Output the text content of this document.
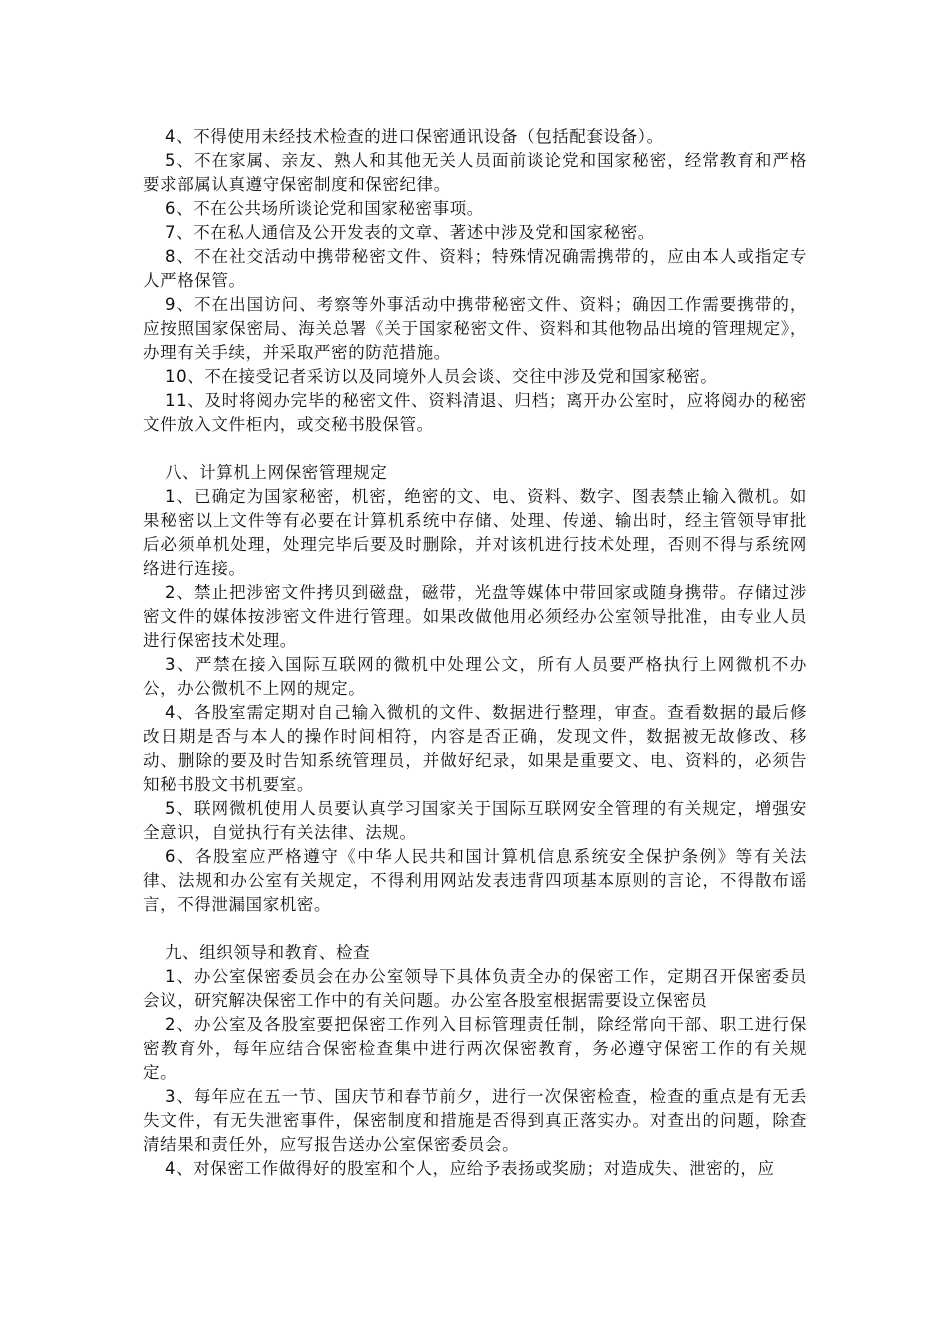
4、不得使用未经技术检查的进口保密通讯设备（包括配套设备）。

5、不在家属、亲友、熟人和其他无关人员面前谈论党和国家秘密，经常教育和严格要求部属认真遵守保密制度和保密纪律。

6、不在公共场所谈论党和国家秘密事项。

7、不在私人通信及公开发表的文章、著述中涉及党和国家秘密。

8、不在社交活动中携带秘密文件、资料；特殊情况确需携带的，应由本人或指定专人严格保管。

9、不在出国访问、考察等外事活动中携带秘密文件、资料；确因工作需要携带的，应按照国家保密局、海关总署《关于国家秘密文件、资料和其他物品出境的管理规定》，办理有关手续，并采取严密的防范措施。

10、不在接受记者采访以及同境外人员会谈、交往中涉及党和国家秘密。

11、及时将阅办完毕的秘密文件、资料清退、归档；离开办公室时，应将阅办的秘密文件放入文件柜内，或交秘书股保管。

八、计算机上网保密管理规定

1、已确定为国家秘密，机密，绝密的文、电、资料、数字、图表禁止输入微机。如果秘密以上文件等有必要在计算机系统中存储、处理、传递、输出时，经主管领导审批后必须单机处理，处理完毕后要及时删除，并对该机进行技术处理，否则不得与系统网络进行连接。

2、禁止把涉密文件拷贝到磁盘，磁带，光盘等媒体中带回家或随身携带。存储过涉密文件的媒体按涉密文件进行管理。如果改做他用必须经办公室领导批准，由专业人员进行保密技术处理。

3、严禁在接入国际互联网的微机中处理公文，所有人员要严格执行上网微机不办公，办公微机不上网的规定。

4、各股室需定期对自己输入微机的文件、数据进行整理，审查。查看数据的最后修改日期是否与本人的操作时间相符，内容是否正确，发现文件，数据被无故修改、移动、删除的要及时告知系统管理员，并做好纪录，如果是重要文、电、资料的，必须告知秘书股文书机要室。

5、联网微机使用人员要认真学习国家关于国际互联网安全管理的有关规定，增强安全意识，自觉执行有关法律、法规。

6、各股室应严格遵守《中华人民共和国计算机信息系统安全保护条例》等有关法律、法规和办公室有关规定，不得利用网站发表违背四项基本原则的言论，不得散布谣言，不得泄漏国家机密。

九、组织领导和教育、检查

1、办公室保密委员会在办公室领导下具体负责全办的保密工作，定期召开保密委员会议，研究解决保密工作中的有关问题。办公室各股室根据需要设立保密员

2、办公室及各股室要把保密工作列入目标管理责任制，除经常向干部、职工进行保密教育外，每年应结合保密检查集中进行两次保密教育，务必遵守保密工作的有关规定。

3、每年应在五一节、国庆节和春节前夕，进行一次保密检查，检查的重点是有无丢失文件，有无失泄密事件，保密制度和措施是否得到真正落实办。对查出的问题，除查清结果和责任外，应写报告送办公室保密委员会。

4、对保密工作做得好的股室和个人，应给予表扬或奖励；对造成失、泄密的，应
